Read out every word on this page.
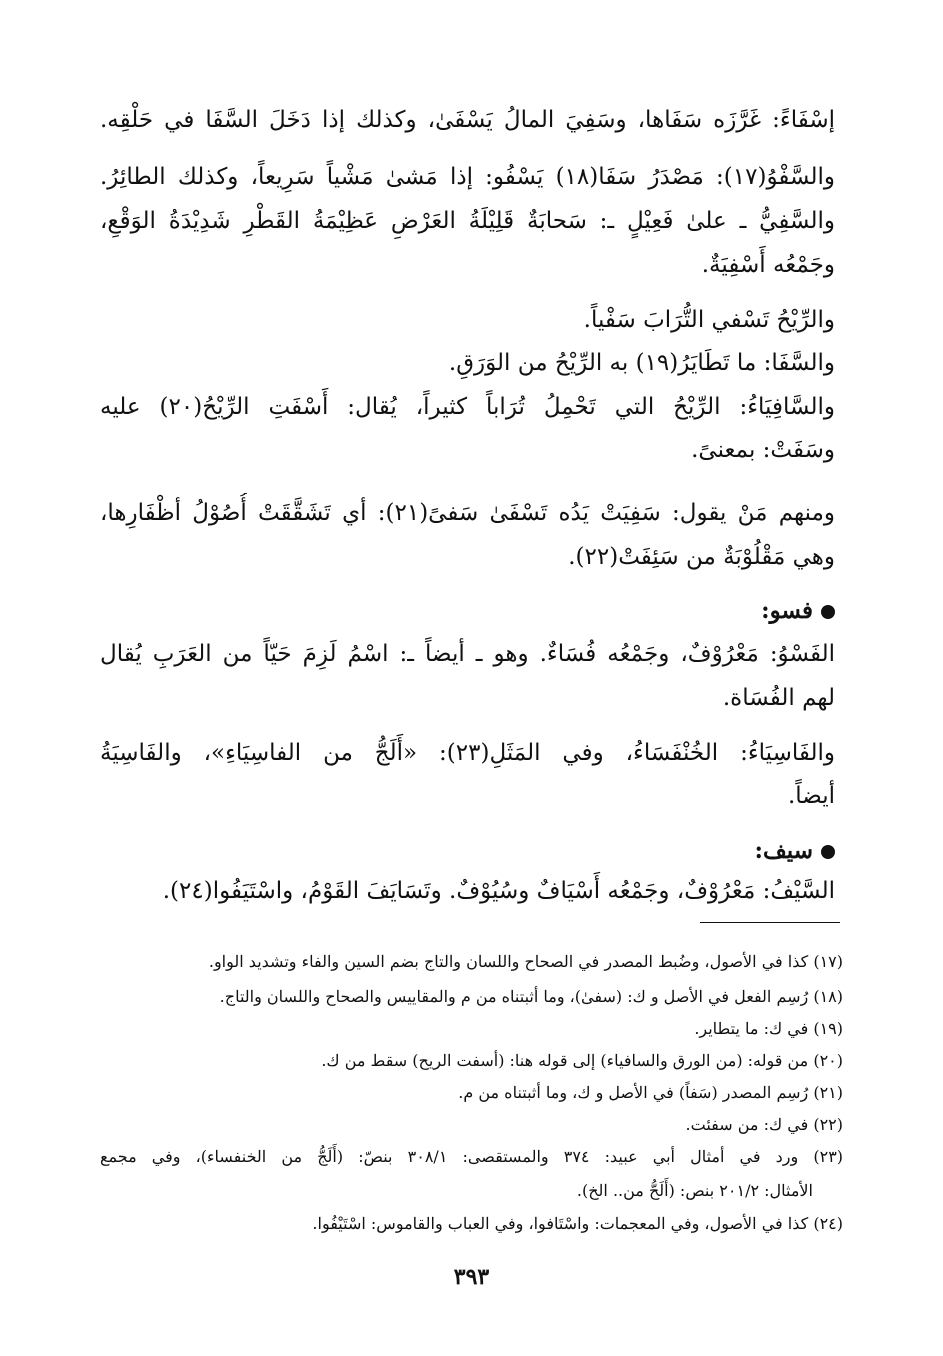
إسْفَاءً: غَرَّزَه سَفَاها، وسَفِيَ المالُ يَسْفَىٰ، وكذلك إذا دَخَلَ السَّفَا في حَلْقِه.
والسَّفْوُ(١٧): مَصْدَرُ سَفَا(١٨) يَسْفُو: إذا مَشىٰ مَشْياً سَرِيعاً، وكذلك الطائِرُ.
والسَّفِيُّ ـ علىٰ فَعِيْلٍ ـ: سَحابَةٌ قَلِيْلَةُ العَرْضِ عَظِيْمَةُ القَطْرِ شَدِيْدَةُ الوَقْعِ،
وجَمْعُه أَسْفِيَةٌ.
والرِّيْحُ تَسْفي التُّرَابَ سَفْياً.
والسَّفَا: ما تَطَايَرُ(١٩) به الرِّيْحُ من الوَرَقِ.
والسَّافِيَاءُ: الرِّيْحُ التي تَحْمِلُ تُرَاباً كثيراً، يُقال: أَسْفَتِ الرِّيْحُ(٢٠) عليه
وسَفَتْ: بمعنىً.
ومنهم مَنْ يقول: سَفِيَتْ يَدُه تَسْفَىٰ سَفىً(٢١): أي تَشَقَّقَتْ أُصُوْلُ أظْفَارِها،
وهي مَقْلُوْبَةٌ من سَئِفَتْ(٢٢).
فسو:
الفَسْوُ: مَعْرُوْفٌ، وجَمْعُه فُسَاءٌ. وهو ـ أيضاً ـ: اسْمُ لَزِمَ حَيّاً من العَرَبِ يُقال
لهم الفُسَاة.
والفَاسِيَاءُ: الخُنْفَسَاءُ، وفي المَثَلِ(٢٣): «أَلَجُّ من الفاسِيَاءِ»، والفَاسِيَةُ
أيضاً.
سيف:
السَّيْفُ: مَعْرُوْفٌ، وجَمْعُه أَسْيَافٌ وسُيُوْفٌ. وتَسَايَفَ القَوْمُ، واسْتَيَفُوا(٢٤).
(١٧) كذا في الأصول، وضُبط المصدر في الصحاح واللسان والتاج بضم السين والفاء وتشديد الواو.
(١٨) رُسِم الفعل في الأصل و ك: (سفىٰ)، وما أثبتناه من م والمقاييس والصحاح واللسان والتاج.
(١٩) في ك: ما يتطاير.
(٢٠) من قوله: (من الورق والسافياء) إلى قوله هنا: (أسفت الريح) سقط من ك.
(٢١) رُسِم المصدر (سَفاً) في الأصل و ك، وما أثبتناه من م.
(٢٢) في ك: من سفئت.
(٢٣) ورد في أمثال أبي عبيد: ٣٧٤ والمستقصى: ٣٠٨/١ بنصّ: (أَلَجُّ من الخنفساء)، وفي مجمع
الأمثال: ٢٠١/٢ بنص: (أَلَحُّ من.. الخ).
(٢٤) كذا في الأصول، وفي المعجمات: واسْتَافوا، وفي العباب والقاموس: اسْتَيْفُوا.
٣٩٣
